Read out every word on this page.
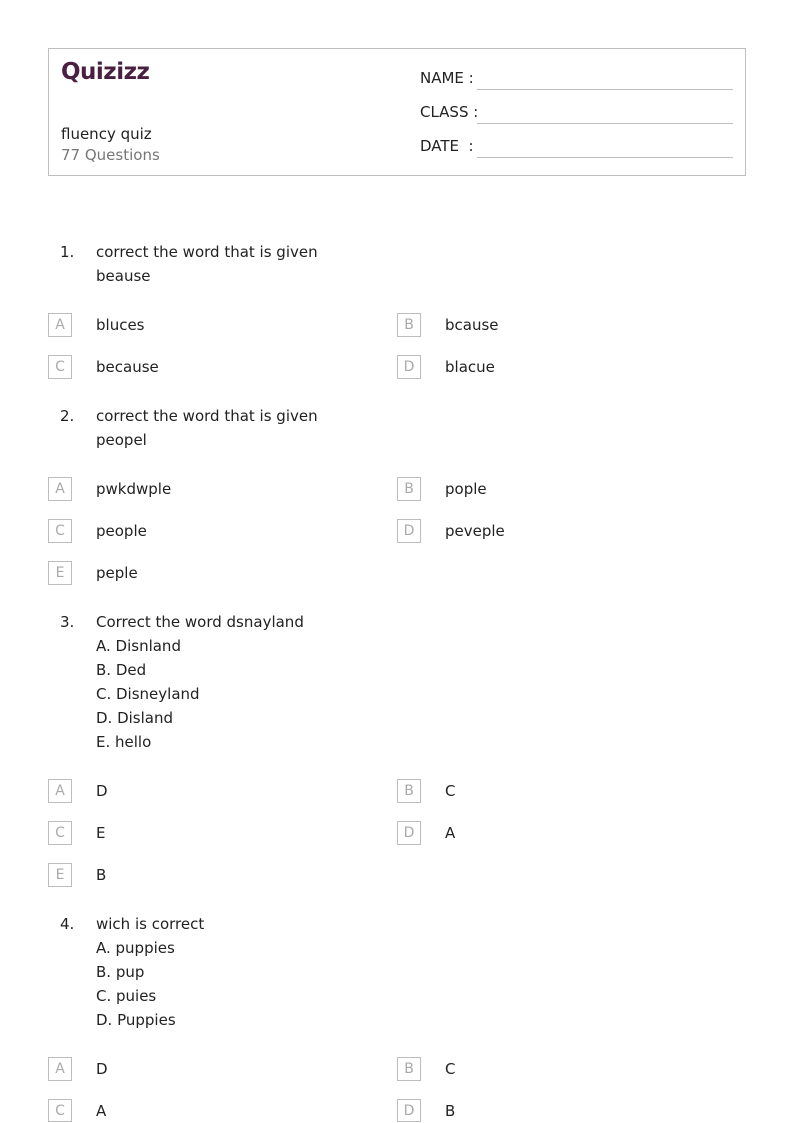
Quizizz
fluency quiz
77 Questions
NAME :
CLASS :
DATE  :
1. correct the word that is given
beause
A	bluces	B	bcause
C	because	D	blacue
2. correct the word that is given
peopel
A	pwkdwple	B	pople
C	people	D	peveple
E	peple
3. Correct the word dsnayland
A. Disnland
B. Ded
C. Disneyland
D. Disland
E. hello
A	D	B	C
C	E	D	A
E	B
4. wich is correct
A. puppies
B. pup
C. puies
D. Puppies
A	D	B	C
C	A	D	B
